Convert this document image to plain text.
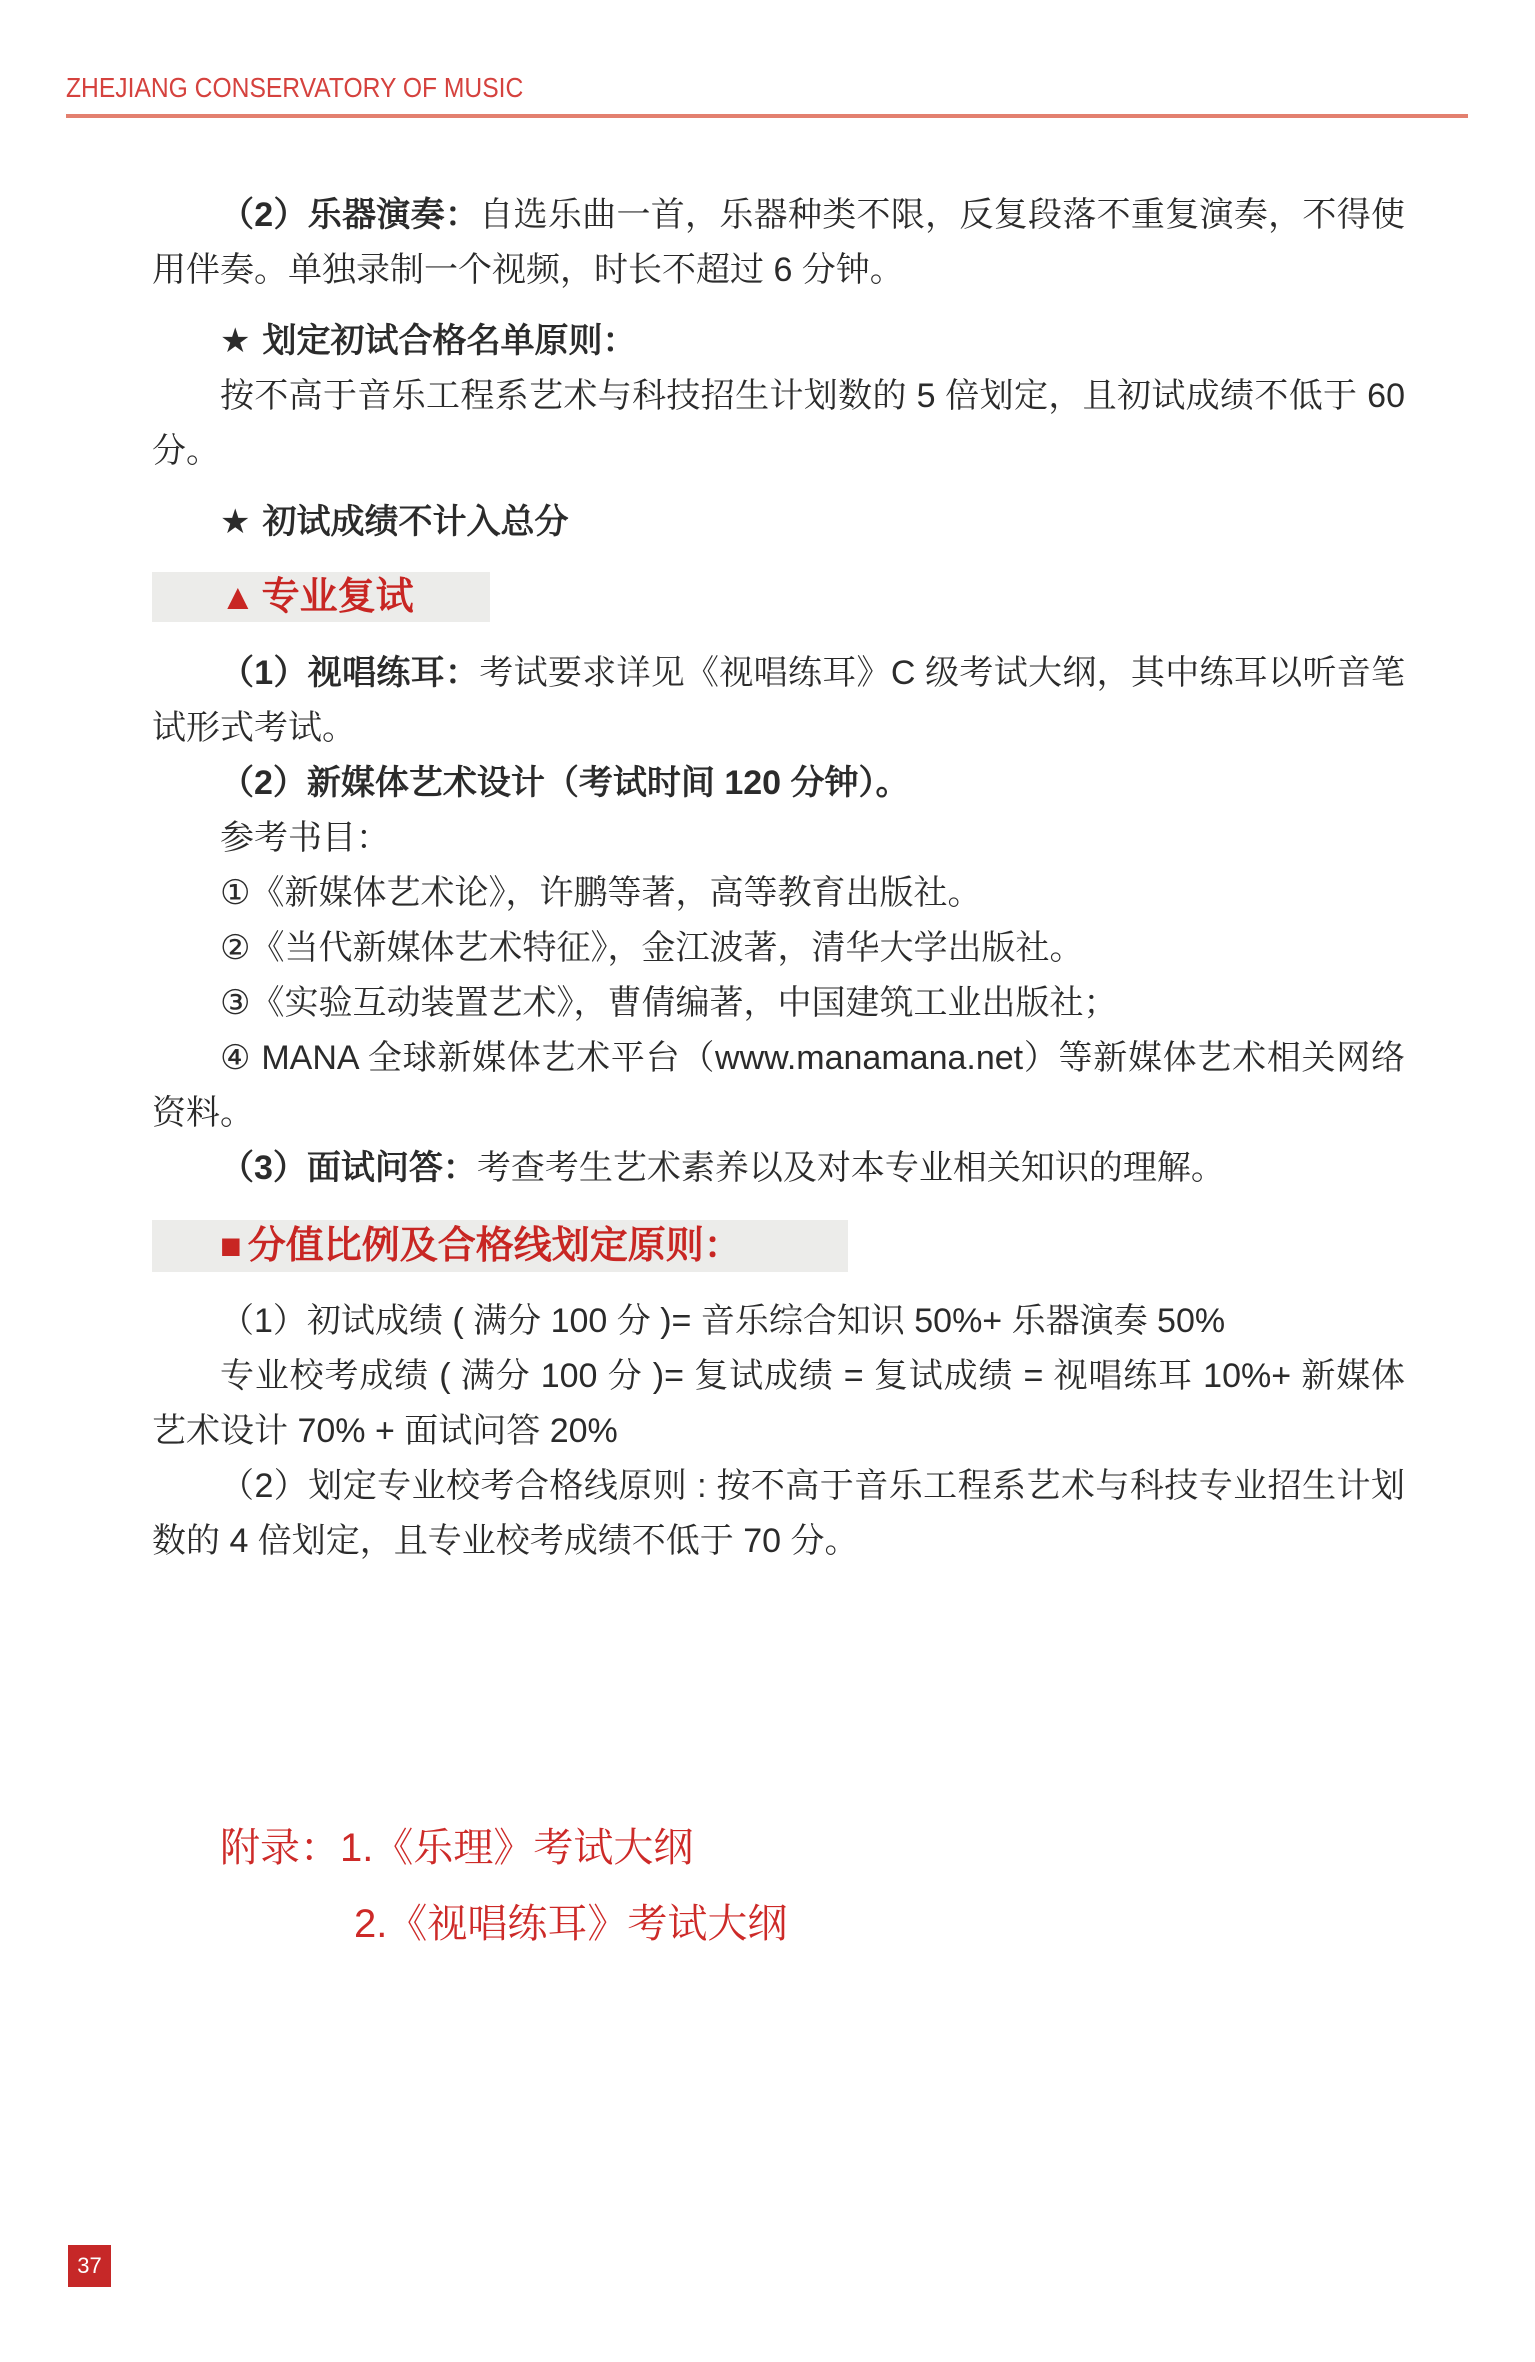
ZHEJIANG CONSERVATORY OF MUSIC

（2）乐器演奏：自选乐曲一首，乐器种类不限，反复段落不重复演奏，不得使用伴奏。单独录制一个视频，时长不超过 6 分钟。

★ 划定初试合格名单原则：

按不高于音乐工程系艺术与科技招生计划数的 5 倍划定，且初试成绩不低于 60 分。

★ 初试成绩不计入总分

▲ 专业复试

（1）视唱练耳：考试要求详见《视唱练耳》C 级考试大纲，其中练耳以听音笔试形式考试。

（2）新媒体艺术设计（考试时间 120 分钟）。

参考书目：

①《新媒体艺术论》，许鹏等著，高等教育出版社。

②《当代新媒体艺术特征》，金江波著，清华大学出版社。

③《实验互动装置艺术》，曹倩编著，中国建筑工业出版社；

④ MANA 全球新媒体艺术平台（www.manamana.net）等新媒体艺术相关网络资料。

（3）面试问答：考查考生艺术素养以及对本专业相关知识的理解。

■ 分值比例及合格线划定原则：

（1）初试成绩 ( 满分 100 分 )= 音乐综合知识 50%+ 乐器演奏 50%

专业校考成绩 ( 满分 100 分 )= 复试成绩 = 复试成绩 = 视唱练耳 10%+ 新媒体艺术设计 70% + 面试问答 20%

（2）划定专业校考合格线原则 : 按不高于音乐工程系艺术与科技专业招生计划数的 4 倍划定，且专业校考成绩不低于 70 分。

附录：1.《乐理》考试大纲

2.《视唱练耳》考试大纲

37
